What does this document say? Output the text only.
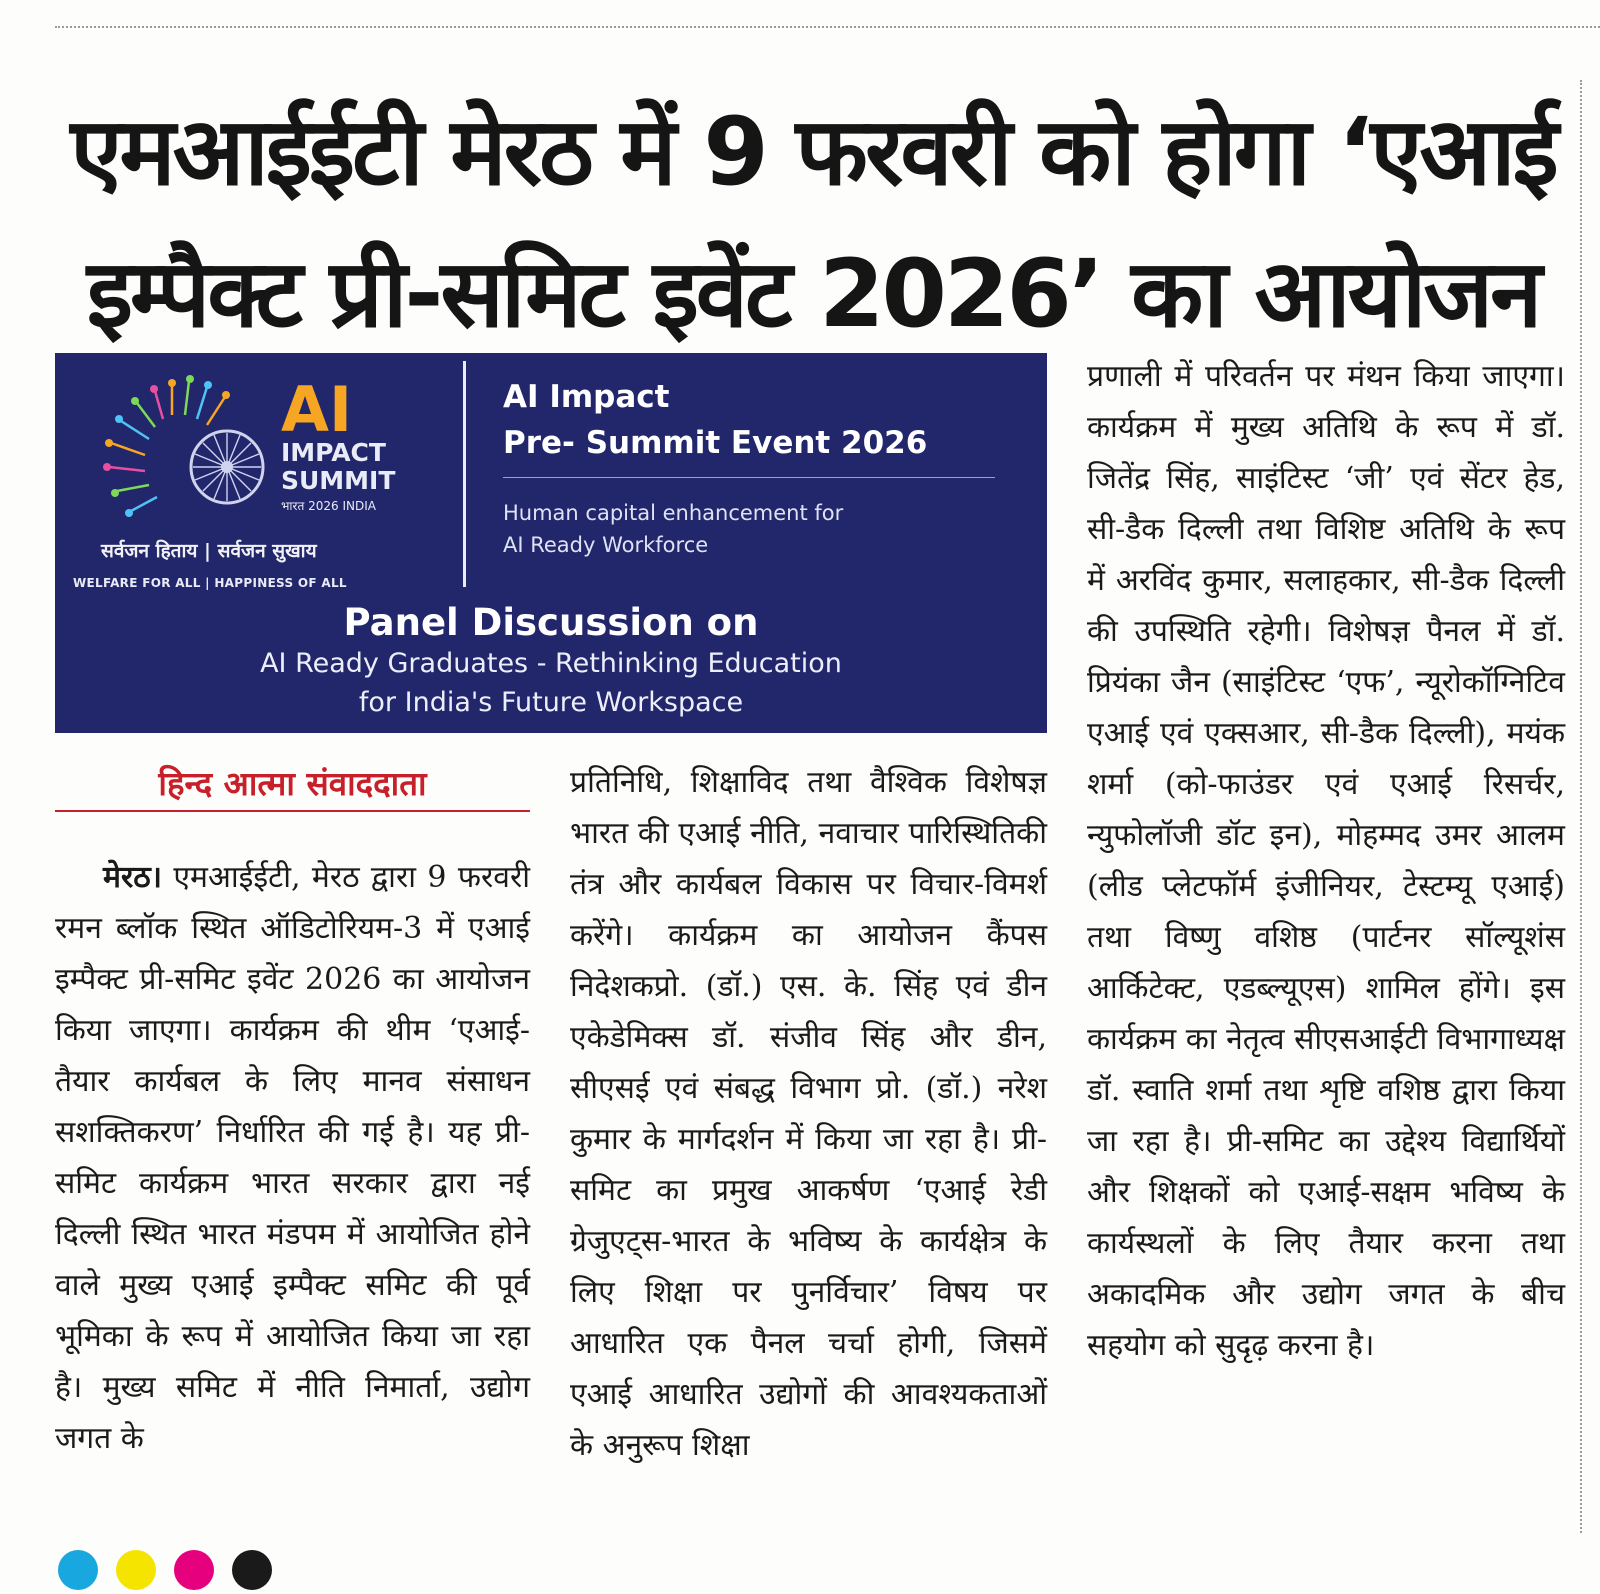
एमआईईटी मेरठ में 9 फरवरी को होगा ‘एआई
इम्पैक्ट प्री-समिट इवेंट 2026’ का आयोजन
AI
IMPACT
SUMMIT
भारत 2026 INDIA
सर्वजन हिताय | सर्वजन सुखाय
WELFARE FOR ALL | HAPPINESS OF ALL
AI Impact
Pre- Summit Event 2026
Human capital enhancement for
AI Ready Workforce
Panel Discussion on
AI Ready Graduates - Rethinking Education
for India's Future Workspace
हिन्द आत्मा संवाददाता

मेरठ। एमआईईटी, मेरठ द्वारा 9 फरवरी रमन ब्लॉक स्थित ऑडिटोरियम-3 में एआई इम्पैक्ट प्री-समिट इवेंट 2026 का आयोजन किया जाएगा। कार्यक्रम की थीम ‘एआई-तैयार कार्यबल के लिए मानव संसाधन सशक्तिकरण’ निर्धारित की गई है। यह प्री-समिट कार्यक्रम भारत सरकार द्वारा नई दिल्ली स्थित भारत मंडपम में आयोजित होने वाले मुख्य एआई इम्पैक्ट समिट की पूर्व भूमिका के रूप में आयोजित किया जा रहा है। मुख्य समिट में नीति निमार्ता, उद्योग जगत के

प्रतिनिधि, शिक्षाविद तथा वैश्विक विशेषज्ञ भारत की एआई नीति, नवाचार पारिस्थितिकी तंत्र और कार्यबल विकास पर विचार-विमर्श करेंगे। कार्यक्रम का आयोजन कैंपस निदेशकप्रो. (डॉ.) एस. के. सिंह एवं डीन एकेडेमिक्स डॉ. संजीव सिंह और डीन, सीएसई एवं संबद्ध विभाग प्रो. (डॉ.) नरेश कुमार के मार्गदर्शन में किया जा रहा है। प्री-समिट का प्रमुख आकर्षण ‘एआई रेडी ग्रेजुएट्स-भारत के भविष्य के कार्यक्षेत्र के लिए शिक्षा पर पुनर्विचार’ विषय पर आधारित एक पैनल चर्चा होगी, जिसमें एआई आधारित उद्योगों की आवश्यकताओं के अनुरूप शिक्षा

प्रणाली में परिवर्तन पर मंथन किया जाएगा। कार्यक्रम में मुख्य अतिथि के रूप में डॉ. जितेंद्र सिंह, साइंटिस्ट ‘जी’ एवं सेंटर हेड, सी-डैक दिल्ली तथा विशिष्ट अतिथि के रूप में अरविंद कुमार, सलाहकार, सी-डैक दिल्ली की उपस्थिति रहेगी। विशेषज्ञ पैनल में डॉ. प्रियंका जैन (साइंटिस्ट ‘एफ’, न्यूरोकॉग्निटिव एआई एवं एक्सआर, सी-डैक दिल्ली), मयंक शर्मा (को-फाउंडर एवं एआई रिसर्चर, न्युफोलॉजी डॉट इन), मोहम्मद उमर आलम (लीड प्लेटफॉर्म इंजीनियर, टेस्टम्यू एआई) तथा विष्णु वशिष्ठ (पार्टनर सॉल्यूशंस आर्किटेक्ट, एडब्ल्यूएस) शामिल होंगे। इस कार्यक्रम का नेतृत्व सीएसआईटी विभागाध्यक्ष डॉ. स्वाति शर्मा तथा शृष्टि वशिष्ठ द्वारा किया जा रहा है। प्री-समिट का उद्देश्य विद्यार्थियों और शिक्षकों को एआई-सक्षम भविष्य के कार्यस्थलों के लिए तैयार करना तथा अकादमिक और उद्योग जगत के बीच सहयोग को सुदृढ़ करना है।
